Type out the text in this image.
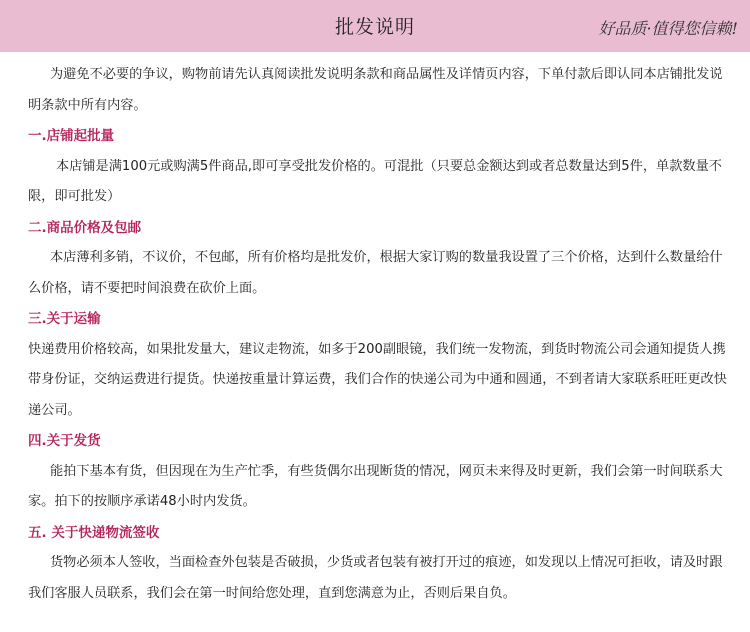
批发说明	好品质·值得您信赖!

为避免不必要的争议，购物前请先认真阅读批发说明条款和商品属性及详情页内容，下单付款后即认同本店铺批发说明条款中所有内容。

一.店铺起批量

本店铺是满100元或购满5件商品,即可享受批发价格的。可混批（只要总金额达到或者总数量达到5件，单款数量不限，即可批发）

二.商品价格及包邮

本店薄利多销，不议价，不包邮，所有价格均是批发价，根据大家订购的数量我设置了三个价格，达到什么数量给什么价格，请不要把时间浪费在砍价上面。

三.关于运输

快递费用价格较高，如果批发量大，建议走物流，如多于200副眼镜，我们统一发物流，到货时物流公司会通知提货人携带身份证，交纳运费进行提货。快递按重量计算运费，我们合作的快递公司为中通和圆通，不到者请大家联系旺旺更改快递公司。

四.关于发货

能拍下基本有货，但因现在为生产忙季，有些货偶尔出现断货的情况，网页未来得及时更新，我们会第一时间联系大家。拍下的按顺序承诺48小时内发货。

五. 关于快递物流签收

货物必须本人签收，当面检查外包装是否破损，少货或者包装有被打开过的痕迹，如发现以上情况可拒收，请及时跟我们客服人员联系，我们会在第一时间给您处理，直到您满意为止，否则后果自负。
